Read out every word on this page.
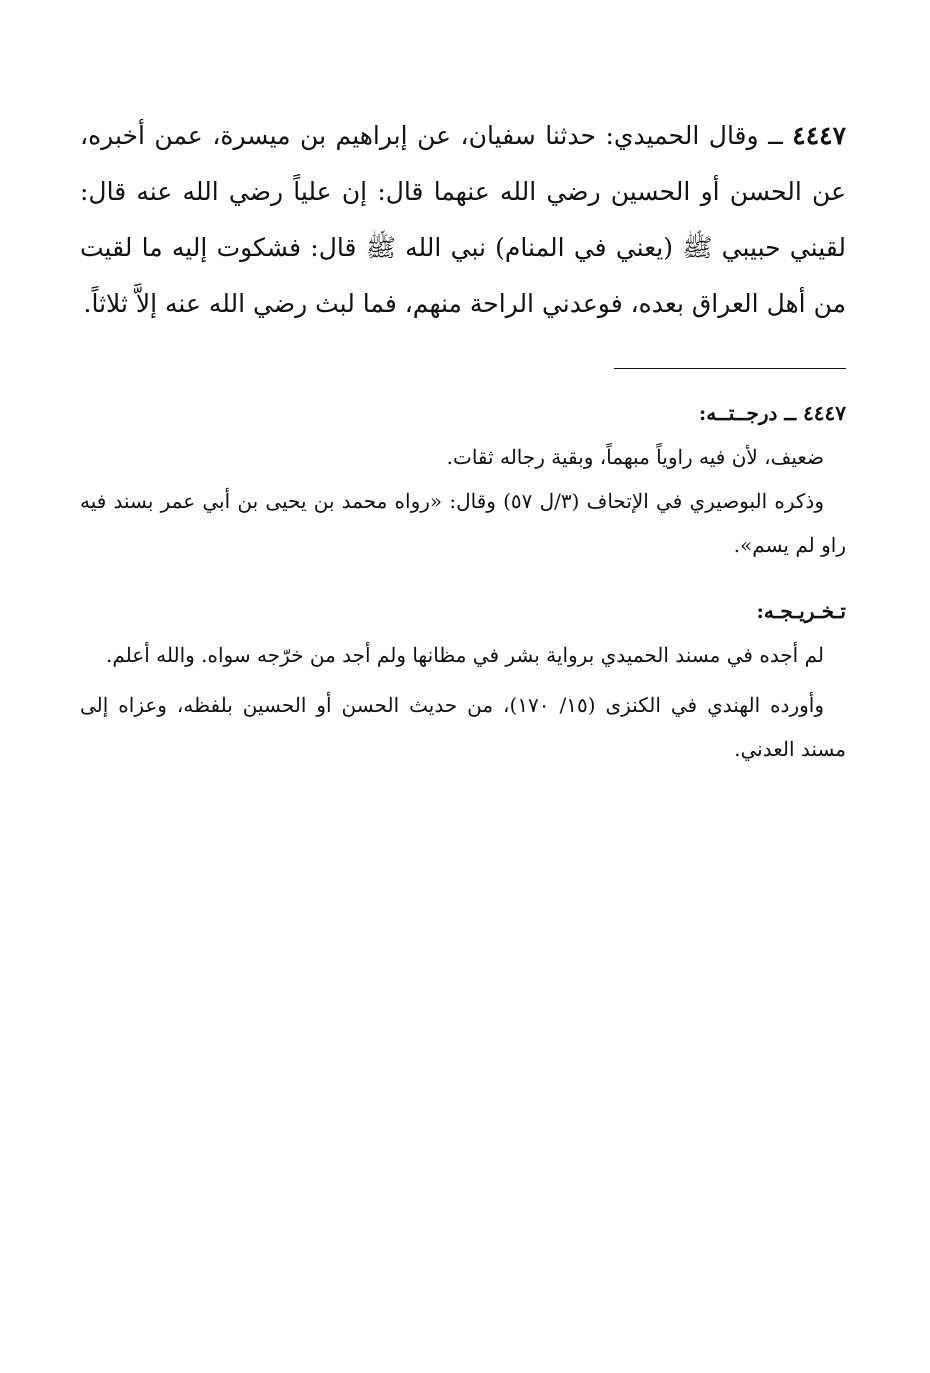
٤٤٤٧ ــ وقال الحميدي: حدثنا سفيان، عن إبراهيم بن ميسرة، عمن أخبره، عن الحسن أو الحسين رضي الله عنهما قال: إن علياً رضي الله عنه قال: لقيني حبيبي ﷺ (يعني في المنام) نبي الله ﷺ قال: فشكوت إليه ما لقيت من أهل العراق بعده، فوعدني الراحة منهم، فما لبث رضي الله عنه إلاَّ ثلاثاً.

٤٤٤٧ ــ درجــتــه:

ضعيف، لأن فيه راوياً مبهماً، وبقية رجاله ثقات.

وذكره البوصيري في الإتحاف (٣/ل ٥٧) وقال: «رواه محمد بن يحيى بن أبي عمر بسند فيه راو لم يسم».

تـخـريـجـه:

لم أجده في مسند الحميدي برواية بشر في مظانها ولم أجد من خرّجه سواه. والله أعلم.

وأورده الهندي في الكنزى (١٥/ ١٧٠)، من حديث الحسن أو الحسين بلفظه، وعزاه إلى مسند العدني.
